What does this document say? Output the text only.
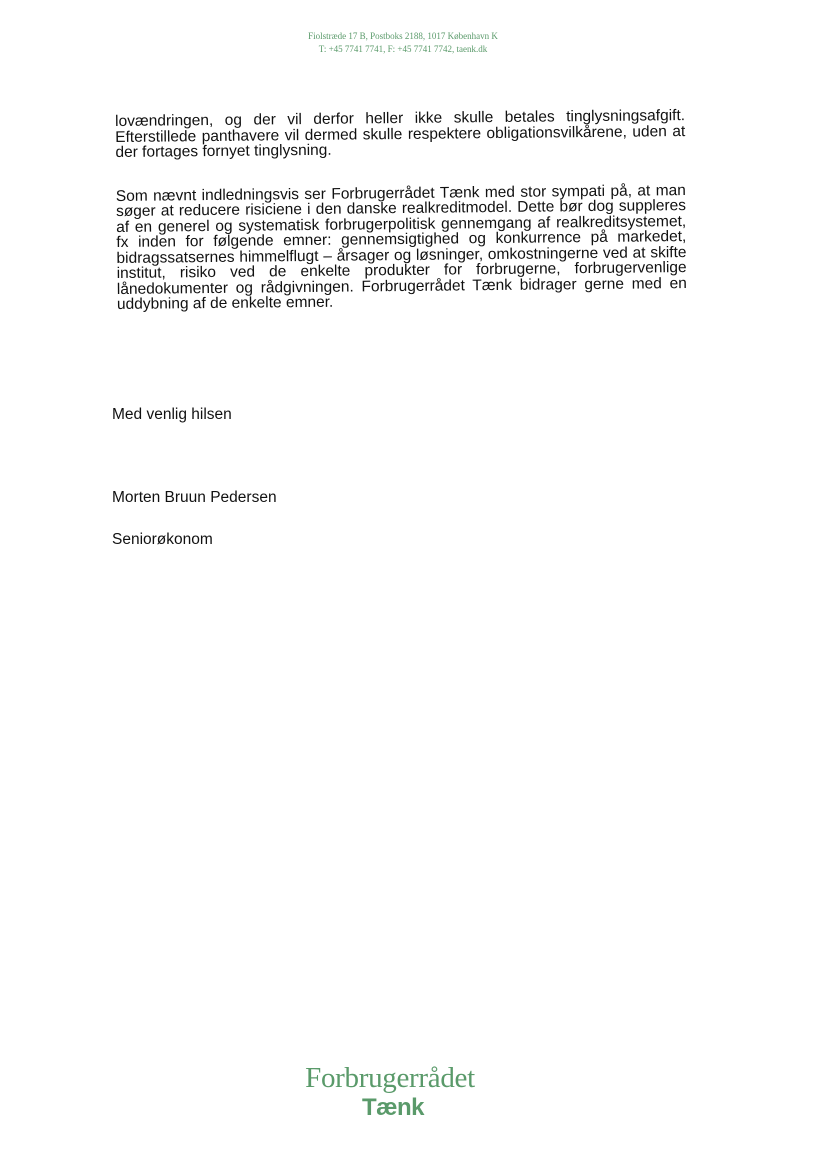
Fiolstræde 17 B, Postboks 2188, 1017 København K
T: +45 7741 7741, F: +45 7741 7742, taenk.dk

lovændringen, og der vil derfor heller ikke skulle betales tinglysningsafgift. Efterstillede panthavere vil dermed skulle respektere obligationsvilkårene, uden at der fortages fornyet tinglysning.

Som nævnt indledningsvis ser Forbrugerrådet Tænk med stor sympati på, at man søger at reducere risiciene i den danske realkreditmodel. Dette bør dog suppleres af en generel og systematisk forbrugerpolitisk gennemgang af realkreditsystemet, fx inden for følgende emner: gennemsigtighed og konkurrence på markedet, bidragssatsernes himmelflugt – årsager og løsninger, omkostningerne ved at skifte institut, risiko ved de enkelte produkter for forbrugerne, forbrugervenlige lånedokumenter og rådgivningen. Forbrugerrådet Tænk bidrager gerne med en uddybning af de enkelte emner.

Med venlig hilsen
Morten Bruun Pedersen
Seniorøkonom
Forbrugerrådet
Tænk
